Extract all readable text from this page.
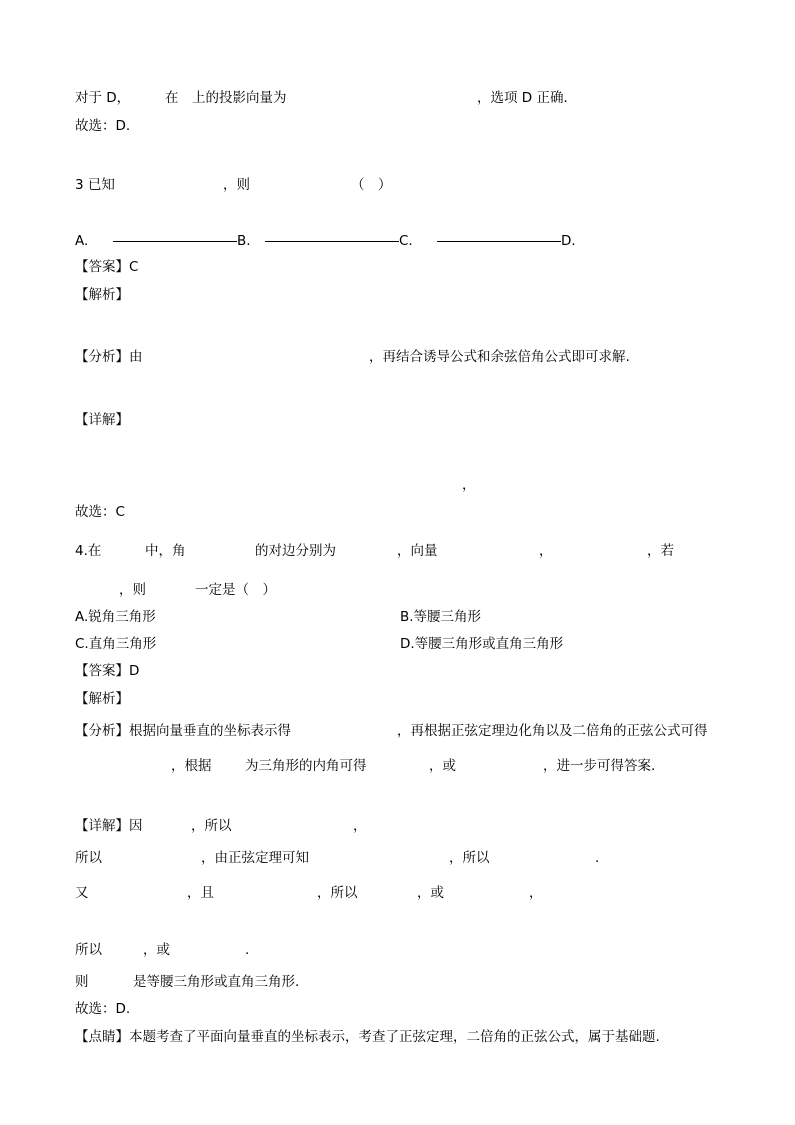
对于 D，	在 上的投影向量为	，选项 D 正确．
故选：D.
3 已知	，则	（　）
A.	B.	C.	D.
【答案】C
【解析】
【分析】由	，再结合诱导公式和余弦倍角公式即可求解.
【详解】
，
故选：C
4.在	中，角	的对边分别为	，向量	，	，若
，则	一定是（　）
A.锐角三角形	B.等腰三角形
C.直角三角形	D.等腰三角形或直角三角形
【答案】D
【解析】
【分析】根据向量垂直的坐标表示得	，再根据正弦定理边化角以及二倍角的正弦公式可得
，根据 为三角形的内角可得	，或	，进一步可得答案.
【详解】因	，所以	，
所以	，由正弦定理可知	，所以	.
又	，且	，所以	，或	，
所以	，或	.
则	是等腰三角形或直角三角形.
故选：D.
【点睛】本题考查了平面向量垂直的坐标表示，考查了正弦定理，二倍角的正弦公式，属于基础题.
